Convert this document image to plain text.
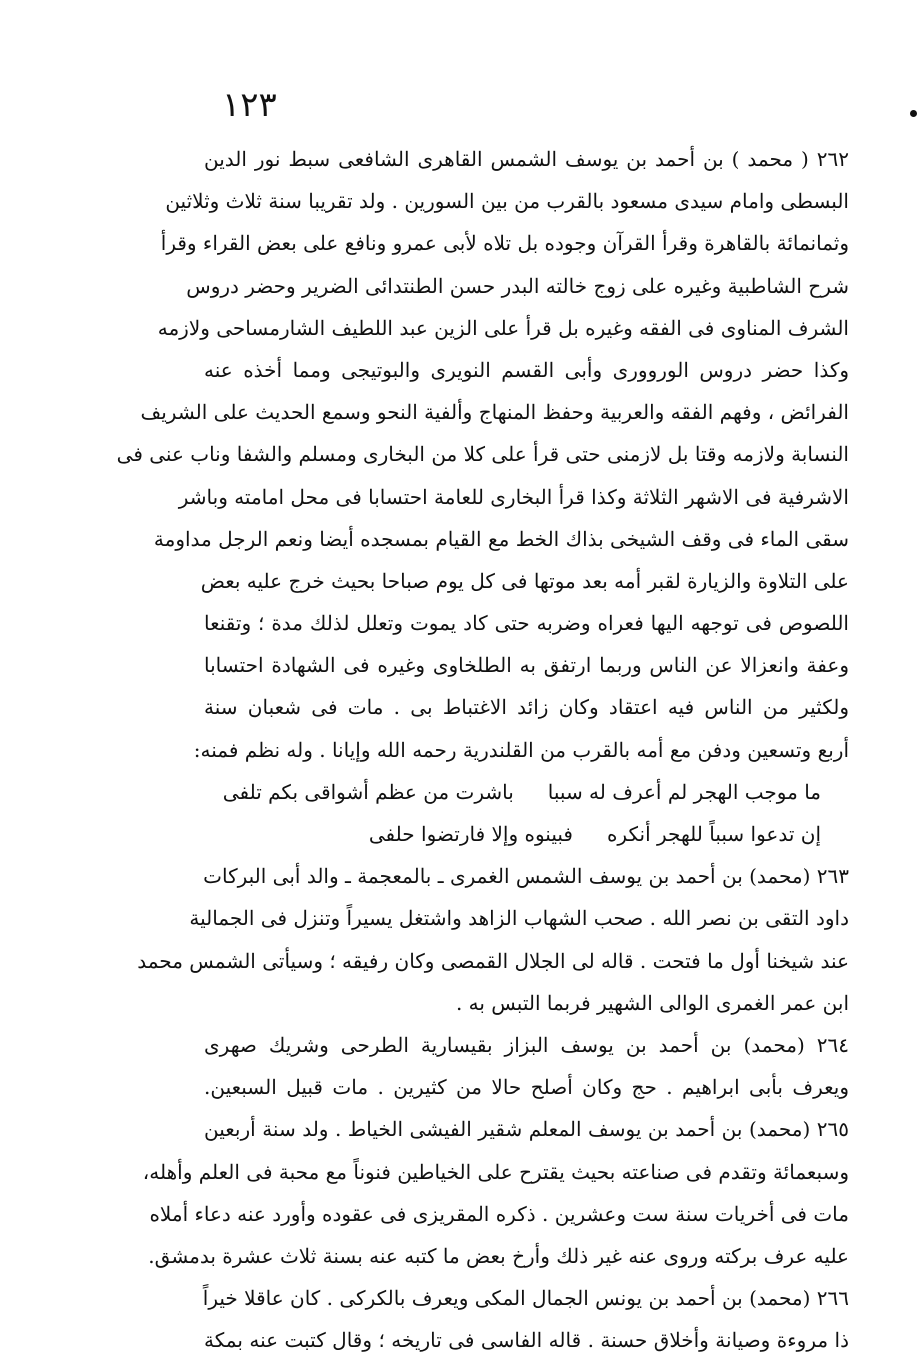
١٢٣
٢٦٢ ( محمد ) بن أحمد بن يوسف الشمس القاهرى الشافعى سبط نور الدين
البسطى وامام سيدى مسعود بالقرب من بين السورين . ولد تقريبا سنة ثلاث وثلاثين
وثمانمائة بالقاهرة وقرأ القرآن وجوده بل تلاه لأبى عمرو ونافع على بعض القراء وقرأ
شرح الشاطبية وغيره على زوج خالته البدر حسن الطنتدائى الضرير وحضر دروس
الشرف المناوى فى الفقه وغيره بل قرأ على الزين عبد اللطيف الشارمساحى ولازمه
وكذا حضر دروس الوروورى وأبى القسم النويرى والبوتيجى ومما أخذه عنه
الفرائض ، وفهم الفقه والعربية وحفظ المنهاج وألفية النحو وسمع الحديث على الشريف
النسابة ولازمه وقتا بل لازمنى حتى قرأ على كلا من البخارى ومسلم والشفا وناب عنى فى
الاشرفية فى الاشهر الثلاثة وكذا قرأ البخارى للعامة احتسابا فى محل امامته وباشر
سقى الماء فى وقف الشيخى بذاك الخط مع القيام بمسجده أيضا ونعم الرجل مداومة
على التلاوة والزيارة لقبر أمه بعد موتها فى كل يوم صباحا بحيث خرج عليه بعض
اللصوص فى توجهه اليها فعراه وضربه حتى كاد يموت وتعلل لذلك مدة ؛ وتقنعا
وعفة وانعزالا عن الناس وربما ارتفق به الطلخاوى وغيره فى الشهادة احتسابا
ولكثير من الناس فيه اعتقاد وكان زائد الاغتباط بى . مات فى شعبان سنة
أربع وتسعين ودفن مع أمه بالقرب من القلندرية رحمه الله وإيانا . وله نظم فمنه:
ما موجب الهجر لم أعرف له سبباباشرت من عظم أشواقى بكم تلفى
إن تدعوا سبباً للهجر أنكرهفبينوه وإلا فارتضوا حلفى
٢٦٣ (محمد) بن أحمد بن يوسف الشمس الغمرى ـ بالمعجمة ـ والد أبى البركات
داود التقى بن نصر الله . صحب الشهاب الزاهد واشتغل يسيراً وتنزل فى الجمالية
عند شيخنا أول ما فتحت . قاله لى الجلال القمصى وكان رفيقه ؛ وسيأتى الشمس محمد
ابن عمر الغمرى الوالى الشهير فربما التبس به .
٢٦٤ (محمد) بن أحمد بن يوسف البزاز بقيسارية الطرحى وشريك صهرى
ويعرف بأبى ابراهيم . حج وكان أصلح حالا من كثيرين . مات قبيل السبعين.
٢٦٥ (محمد) بن أحمد بن يوسف المعلم شقير الفيشى الخياط . ولد سنة أربعين
وسبعمائة وتقدم فى صناعته بحيث يقترح على الخياطين فنوناً مع محبة فى العلم وأهله،
مات فى أخريات سنة ست وعشرين . ذكره المقريزى فى عقوده وأورد عنه دعاء أملاه
عليه عرف بركته وروى عنه غير ذلك وأرخ بعض ما كتبه عنه بسنة ثلاث عشرة بدمشق.
٢٦٦ (محمد) بن أحمد بن يونس الجمال المكى ويعرف بالكركى . كان عاقلا خيراً
ذا مروءة وصيانة وأخلاق حسنة . قاله الفاسى فى تاريخه ؛ وقال كتبت عنه بمكة
